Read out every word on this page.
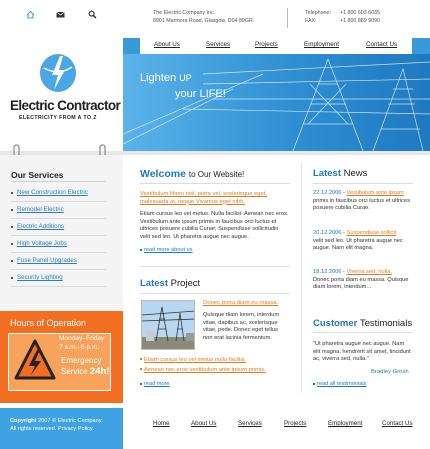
The Electric Company Inc.
0901 Marmora Road, Glasgow, D04 89GR.
Telephone: +1 800 603 6035
FAX:	+1 800 889 9090
Electric Contractor
ELECTRICITY FROM A TO Z
About Us	Services	Projects	Employment	Contact Us
Lighten UP
your LIFE!
Our Services
New Construction Electric
Remodel Electric
Electric Additions
High Voltage Jobs
Fuse Panel Upgrades
Security Lighting
Hours of Operation
Monday–Friday
7 a.m.–5 p.m.
Emergency
Service 24h!
Welcome to Our Website!
Vestibulum libero nisl, porta vel, scelerisque eget, malesuada at, neque Vivamus eget nibh.
Etiam cursus leo vel metus. Nulla facilisi. Aenean nec eros. Vestibulum ante ipsum primis in faucibus orci luctus et ultrices posuere cubilia Curae; Suspendisse sollicitudin velit sed leo. Ut pharetra augue nec augue.
read more about us
Latest Project
Donec porta diam eu massa.
Quisque diam lorem, interdum vitae, dapibus ac, scelerisque vitae, pede. Donec eget tellus non erat lacinia fermentum.
Etiam cursus leo vel metus nulla facilisi.
Aenean nec eros vestibulum ante ipsum primis.
read more
Latest News
22.12.2006 - Vestibulum ante ipsum
primis in faucibus orci luctus et ultrices posuere cubilia Curae.
20.12.2006 - Suspendisse sollicit
velit sed leo. Ut pharetra augue nec augue. Nam elit magna.
18.12.2006 - Viverra sed, nulla.
Donec porta diam eu massa. Quisque diam lorem, interdum...
Customer Testimonials
"Ut pharetra augue nec augue. Nam elit magna, hendrerit sit amet, tincidunt ac, viverra sed, nulla."
Bradley Grosh
read all testimonials
Copyright 2007 © Electric Company.
All rights reserved. Privacy Policy.
Home	About Us	Services	Projects	Employment	Contact Us
